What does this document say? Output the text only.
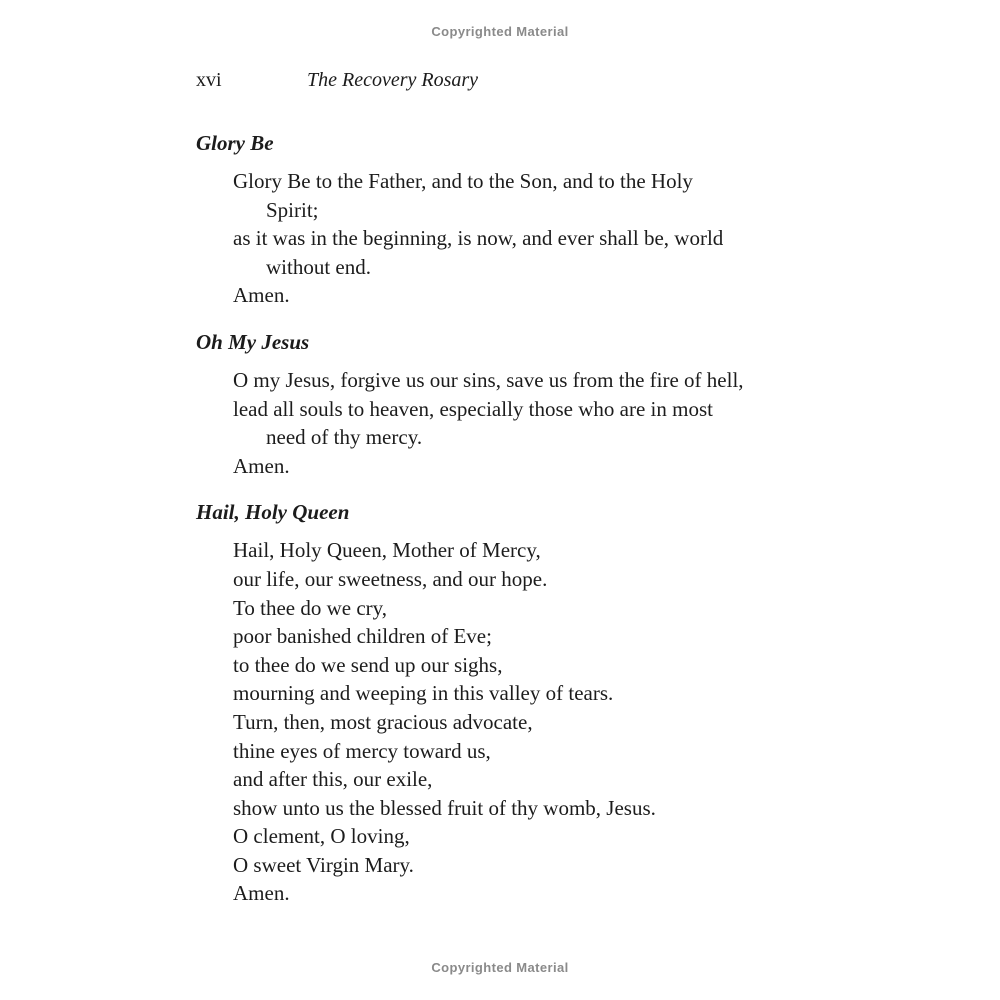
Copyrighted Material
xvi	The Recovery Rosary
Glory Be

Glory Be to the Father, and to the Son, and to the Holy

Spirit;

as it was in the beginning, is now, and ever shall be, world

without end.

Amen.

Oh My Jesus

O my Jesus, forgive us our sins, save us from the fire of hell,

lead all souls to heaven, especially those who are in most

need of thy mercy.

Amen.

Hail, Holy Queen

Hail, Holy Queen, Mother of Mercy,

our life, our sweetness, and our hope.

To thee do we cry,

poor banished children of Eve;

to thee do we send up our sighs,

mourning and weeping in this valley of tears.

Turn, then, most gracious advocate,

thine eyes of mercy toward us,

and after this, our exile,

show unto us the blessed fruit of thy womb, Jesus.

O clement, O loving,

O sweet Virgin Mary.

Amen.

Copyrighted Material
